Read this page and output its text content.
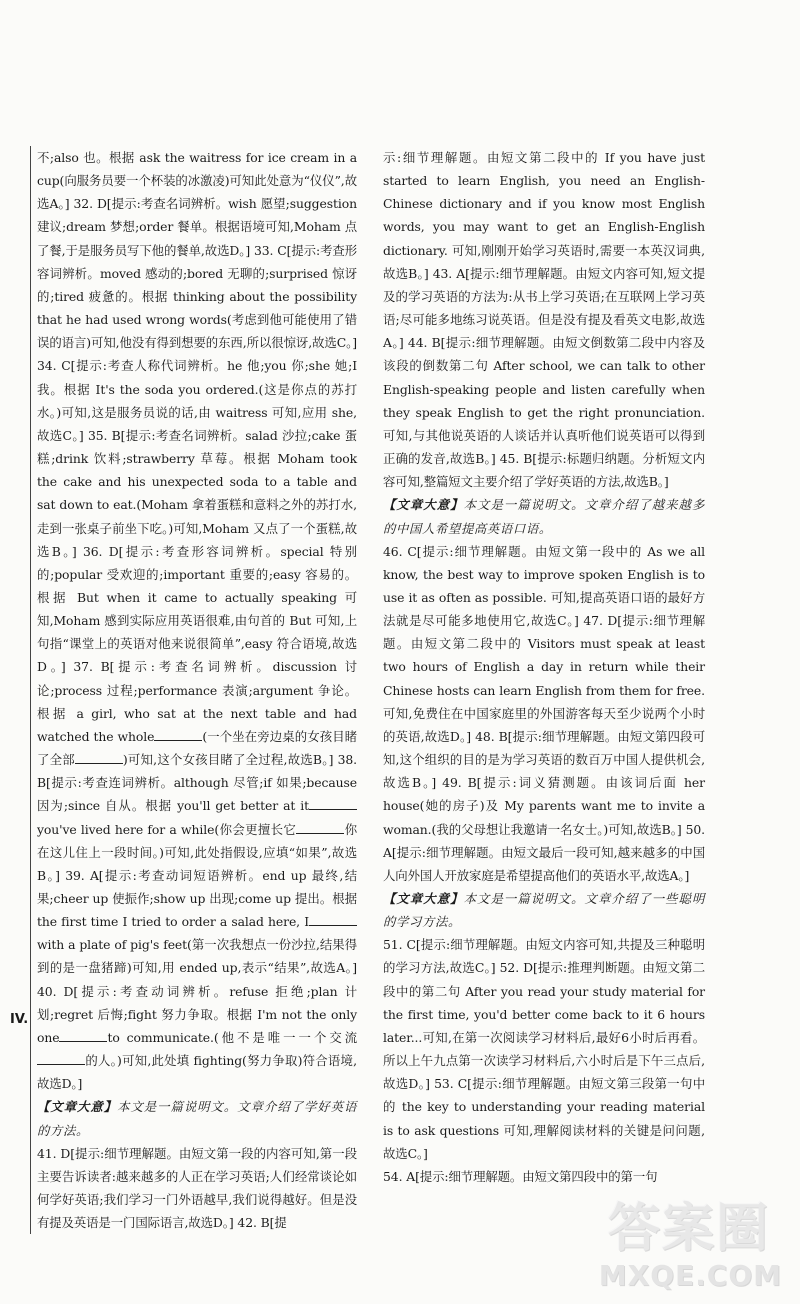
不;also 也。根据 ask the waitress for ice cream in a cup(向服务员要一个杯装的冰激凌)可知此处意为“仪仪”,故选A。] 32. D[提示:考查名词辨析。wish 愿望;suggestion 建议;dream 梦想;order 餐单。根据语境可知,Moham 点了餐,于是服务员写下他的餐单,故选D。] 33. C[提示:考查形容词辨析。moved 感动的;bored 无聊的;surprised 惊讶的;tired 疲惫的。根据 thinking about the possibility that he had used wrong words(考虑到他可能使用了错误的语言)可知,他没有得到想要的东西,所以很惊讶,故选C。] 34. C[提示:考查人称代词辨析。he 他;you 你;she 她;I 我。根据 It's the soda you ordered.(这是你点的苏打水。)可知,这是服务员说的话,由 waitress 可知,应用 she,故选C。] 35. B[提示:考查名词辨析。salad 沙拉;cake 蛋糕;drink 饮料;strawberry 草莓。根据 Moham took the cake and his unexpected soda to a table and sat down to eat.(Moham 拿着蛋糕和意料之外的苏打水,走到一张桌子前坐下吃。)可知,Moham 又点了一个蛋糕,故选B。] 36. D[提示:考查形容词辨析。special 特别的;popular 受欢迎的;important 重要的;easy 容易的。根据 But when it came to actually speaking 可知,Moham 感到实际应用英语很难,由句首的 But 可知,上句指“课堂上的英语对他来说很简单”,easy 符合语境,故选D。] 37. B[提示:考查名词辨析。discussion 讨论;process 过程;performance 表演;argument 争论。根据 a girl, who sat at the next table and had watched the whole	(一个坐在旁边桌的女孩目睹了全部	)可知,这个女孩目睹了全过程,故选B。] 38. B[提示:考查连词辨析。although 尽管;if 如果;because 因为;since 自从。根据 you'll get better at ityou've lived here for a while(你会更擅长它	你在这儿住上一段时间。)可知,此处指假设,应填“如果”,故选B。] 39. A[提示:考查动词短语辨析。end up 最终,结果;cheer up 使振作;show up 出现;come up 提出。根据 the first time I tried to order a salad here, Iwith a plate of pig's feet(第一次我想点一份沙拉,结果得到的是一盘猪蹄)可知,用 ended up,表示“结果”,故选A。] 40. D[提示:考查动词辨析。refuse 拒绝;plan 计划;regret 后悔;fight 努力争取。根据 I'm not the only one	to communicate.(他不是唯一一个交流的人。)可知,此处填 fighting(努力争取)符合语境,故选D。]

【文章大意】本文是一篇说明文。文章介绍了学好英语的方法。

41. D[提示:细节理解题。由短文第一段的内容可知,第一段主要告诉读者:越来越多的人正在学习英语;人们经常谈论如何学好英语;我们学习一门外语越早,我们说得越好。但是没有提及英语是一门国际语言,故选D。] 42. B[提

IV.

示:细节理解题。由短文第二段中的 If you have just started to learn English, you need an English-Chinese dictionary and if you know most English words, you may want to get an English-English dictionary. 可知,刚刚开始学习英语时,需要一本英汉词典,故选B。] 43. A[提示:细节理解题。由短文内容可知,短文提及的学习英语的方法为:从书上学习英语;在互联网上学习英语;尽可能多地练习说英语。但是没有提及看英文电影,故选A。] 44. B[提示:细节理解题。由短文倒数第二段中内容及该段的倒数第二句 After school, we can talk to other English-speaking people and listen carefully when they speak English to get the right pronunciation. 可知,与其他说英语的人谈话并认真听他们说英语可以得到正确的发音,故选B。] 45. B[提示:标题归纳题。分析短文内容可知,整篇短文主要介绍了学好英语的方法,故选B。]

【文章大意】本文是一篇说明文。文章介绍了越来越多的中国人希望提高英语口语。

46. C[提示:细节理解题。由短文第一段中的 As we all know, the best way to improve spoken English is to use it as often as possible. 可知,提高英语口语的最好方法就是尽可能多地使用它,故选C。] 47. D[提示:细节理解题。由短文第二段中的 Visitors must speak at least two hours of English a day in return while their Chinese hosts can learn English from them for free. 可知,免费住在中国家庭里的外国游客每天至少说两个小时的英语,故选D。] 48. B[提示:细节理解题。由短文第四段可知,这个组织的目的是为学习英语的数百万中国人提供机会,故选B。] 49. B[提示:词义猜测题。由该词后面 her house(她的房子)及 My parents want me to invite a woman.(我的父母想让我邀请一名女士。)可知,故选B。] 50. A[提示:细节理解题。由短文最后一段可知,越来越多的中国人向外国人开放家庭是希望提高他们的英语水平,故选A。]

【文章大意】本文是一篇说明文。文章介绍了一些聪明的学习方法。

51. C[提示:细节理解题。由短文内容可知,共提及三种聪明的学习方法,故选C。] 52. D[提示:推理判断题。由短文第二段中的第二句 After you read your study material for the first time, you'd better come back to it 6 hours later...可知,在第一次阅读学习材料后,最好6小时后再看。所以上午九点第一次读学习材料后,六小时后是下午三点后,故选D。] 53. C[提示:细节理解题。由短文第三段第一句中的 the key to understanding your reading material is to ask questions 可知,理解阅读材料的关键是问问题,故选C。]

54. A[提示:细节理解题。由短文第四段中的第一句

答案圈
MXQE.COM
